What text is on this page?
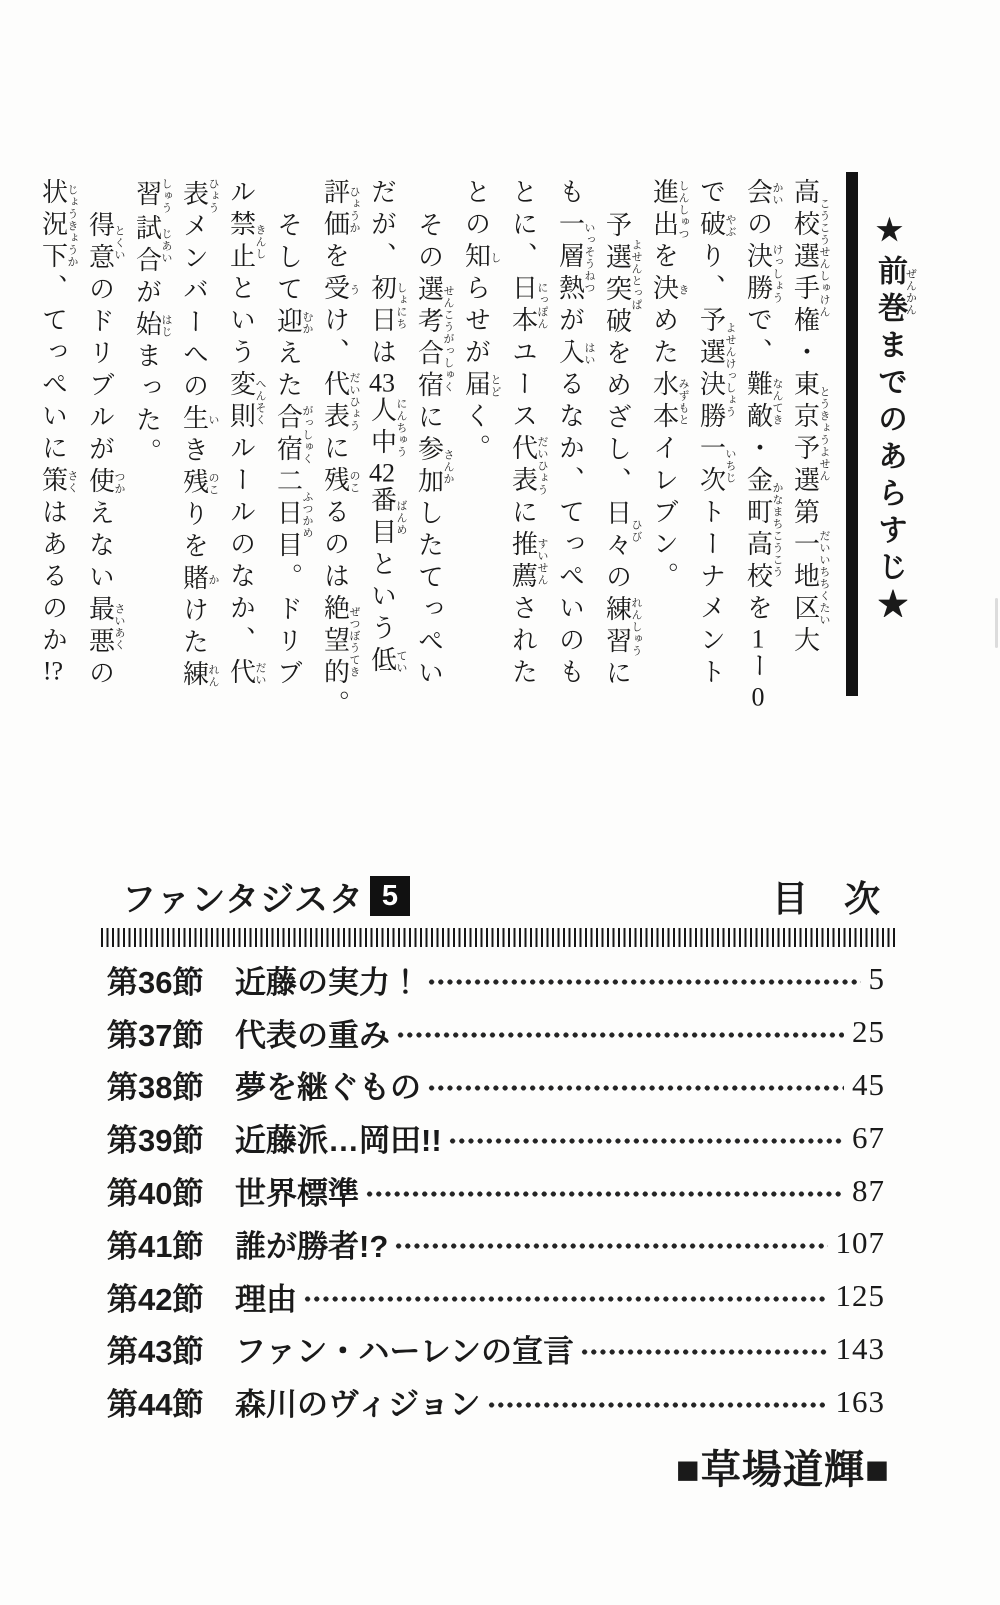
★前巻ぜんかんまでのあらすじ★

高校選手権こうこうせんしゅけん・東京予選とうきょうよせん第一地区大だいいちちくたい

会かいの決勝けっしょうで、難敵なんてき・金町高校かなまちこうこうを1ー0

で破やぶり、予選決勝よせんけっしょう一次いちじトーナメント

進出しんしゅつを決きめた水本みずもとイレブン。

予選突破よせんとっぱをめざし、日々ひびの練習れんしゅうに

も一層熱いっそうねつが入はいるなか、てっぺいのも

とに、日本にっぽんユース代表だいひょうに推薦すいせんされた

との知しらせが届とどく。

その選考合宿せんこうがっしゅくに参加さんかしたてっぺい

だが、初日しょにちは43人中にんちゅう42番目ばんめという低てい

評価ひょうかを受うけ、代表だいひょうに残のこるのは絶望的ぜつぼうてき。

そして迎むかえた合宿がっしゅく二日目ふつかめ。ドリブ

ル禁止きんしという変則へんそくルールのなか、代だい

表ひょうメンバーへの生いき残のこりを賭かけた練れん

習しゅう試合じあいが始はじまった。

得意とくいのドリブルが使つかえない最悪さいあくの

状況下じょうきょうか、てっぺいに策さくはあるのか!?

ファンタジスタ 5	目　次
第36節 近藤の実力！	5
第37節 代表の重み	25
第38節 夢を継ぐもの	45
第39節 近藤派…岡田!!	67
第40節 世界標準	87
第41節 誰が勝者!?	107
第42節 理由	125
第43節 ファン・ハーレンの宣言	143
第44節 森川のヴィジョン	163
■草場道輝■
